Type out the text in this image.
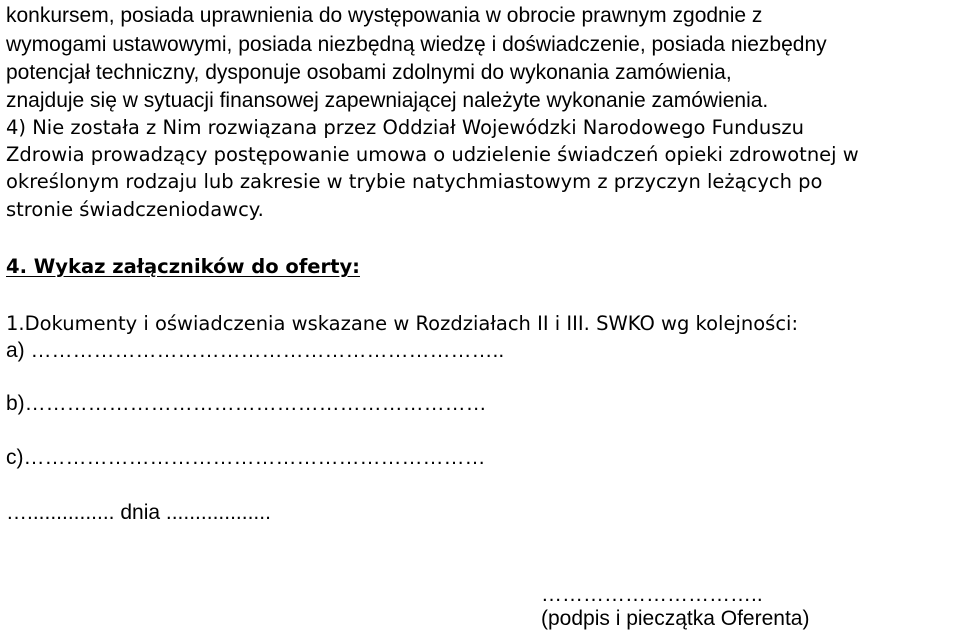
konkursem, posiada uprawnienia do występowania w obrocie prawnym zgodnie z
wymogami ustawowymi, posiada niezbędną wiedzę i doświadczenie, posiada niezbędny
potencjał techniczny, dysponuje osobami zdolnymi do wykonania zamówienia,
znajduje się w sytuacji finansowej zapewniającej należyte wykonanie zamówienia.
4) Nie została z Nim rozwiązana przez Oddział Wojewódzki Narodowego Funduszu
Zdrowia prowadzący postępowanie umowa o udzielenie świadczeń opieki zdrowotnej w
określonym rodzaju lub zakresie w trybie natychmiastowym z przyczyn leżących po
stronie świadczeniodawcy.
4. Wykaz załączników do oferty:
1.Dokumenty i oświadczenia wskazane w Rozdziałach II i III. SWKO wg kolejności:
a) …………………………………………………………..
b)…………………………………………………………
c)…………………………………………………………
…............... dnia ..................
…………………………..
(podpis i pieczątka Oferenta)
